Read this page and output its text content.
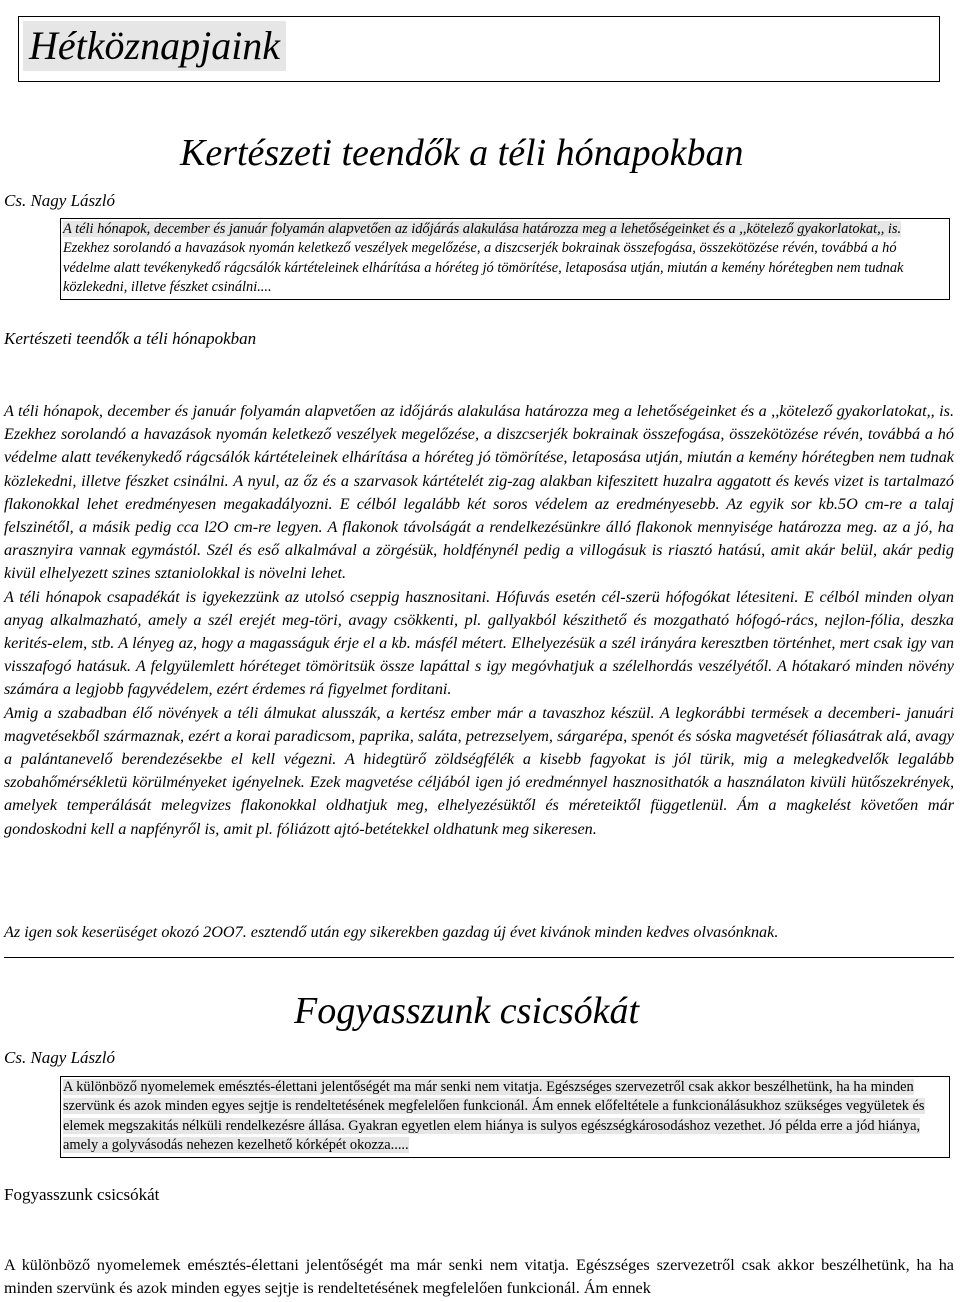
Hétköznapjaink
Kertészeti teendők a téli hónapokban
Cs. Nagy László
A téli hónapok, december és január folyamán alapvetően az időjárás alakulása határozza meg a lehetőségeinket és a ,,kötelező gyakorlatokat,, is. Ezekhez sorolandó a havazások nyomán keletkező veszélyek megelőzése, a diszcserjék bokrainak összefogása, összekötözése révén, továbbá a hó védelme alatt tevékenykedő rágcsálók kártételeinek elhárítása a hóréteg jó tömörítése, letaposása utján, miután a kemény hórétegben nem tudnak közlekedni, illetve fészket csinálni....
Kertészeti teendők a téli hónapokban

A téli hónapok, december és január folyamán alapvetően az időjárás alakulása határozza meg a lehetőségeinket és a ,,kötelező gyakorlatokat,, is. Ezekhez sorolandó a havazások nyomán keletkező veszélyek megelőzése, a diszcserjék bokrainak összefogása, összekötözése révén, továbbá a hó védelme alatt tevékenykedő rágcsálók kártételeinek elhárítása a hóréteg jó tömörítése, letaposása utján, miután a kemény hórétegben nem tudnak közlekedni, illetve fészket csinálni. A nyul, az őz és a szarvasok kártételét zig-zag alakban kifeszitett huzalra aggatott és kevés vizet is tartalmazó flakonokkal lehet eredményesen megakadályozni. E célból legalább két soros védelem az eredményesebb. Az egyik sor kb.5O cm-re a talaj felszinétől, a másik pedig cca l2O cm-re legyen. A flakonok távolságát a rendelkezésünkre álló flakonok mennyisége határozza meg. az a jó, ha arasznyira vannak egymástól. Szél és eső alkalmával a zörgésük, holdfénynél pedig a villogásuk is riasztó hatású, amit akár belül, akár pedig kivül elhelyezett szines sztaniolokkal is növelni lehet.

A téli hónapok csapadékát is igyekezzünk az utolsó cseppig hasznositani. Hófuvás esetén cél-szerü hófogókat létesiteni. E célból minden olyan anyag alkalmazható, amely a szél erejét meg-töri, avagy csökkenti, pl. gallyakból készithető és mozgatható hófogó-rács, nejlon-fólia, deszka kerités-elem, stb. A lényeg az, hogy a magasságuk érje el a kb. másfél métert. Elhelyezésük a szél irányára keresztben történhet, mert csak igy van visszafogó hatásuk. A felgyülemlett hóréteget tömöritsük össze lapáttal s igy megóvhatjuk a szélelhordás veszélyétől. A hótakaró minden növény számára a legjobb fagyvédelem, ezért érdemes rá figyelmet forditani.

Amig a szabadban élő növények a téli álmukat alusszák, a kertész ember már a tavaszhoz készül. A legkorábbi termések a decemberi- januári magvetésekből származnak, ezért a korai paradicsom, paprika, saláta, petrezselyem, sárgarépa, spenót és sóska magvetését fóliasátrak alá, avagy a palántanevelő berendezésekbe el kell végezni. A hidegtürő zöldségfélék a kisebb fagyokat is jól türik, mig a melegkedvelők legalább szobahőmérsékletü körülményeket igényelnek. Ezek magvetése céljából igen jó eredménnyel hasznosithatók a használaton kivüli hütőszekrények, amelyek temperálását melegvizes flakonokkal oldhatjuk meg, elhelyezésüktől és méreteiktől függetlenül. Ám a magkelést követően már gondoskodni kell a napfényről is, amit pl. fóliázott ajtó-betétekkel oldhatunk meg sikeresen.

Az igen sok keserüséget okozó 2OO7. esztendő után egy sikerekben gazdag új évet kivánok minden kedves olvasónknak.
Fogyasszunk csicsókát
Cs. Nagy László
A különböző nyomelemek emésztés-élettani jelentőségét ma már senki nem vitatja. Egészséges szervezetről csak akkor beszélhetünk, ha ha minden szervünk és azok minden egyes sejtje is rendeltetésének megfelelően funkcionál. Ám ennek előfeltétele a funkcionálásukhoz szükséges vegyületek és elemek megszakitás nélküli rendelkezésre állása. Gyakran egyetlen elem hiánya is sulyos egészségkárosodáshoz vezethet. Jó példa erre a jód hiánya, amely a golyvásodás nehezen kezelhető kórképét okozza.....
Fogyasszunk csicsókát
A különböző nyomelemek emésztés-élettani jelentőségét ma már senki nem vitatja. Egészséges szervezetről csak akkor beszélhetünk, ha ha minden szervünk és azok minden egyes sejtje is rendeltetésének megfelelően funkcionál. Ám ennek
